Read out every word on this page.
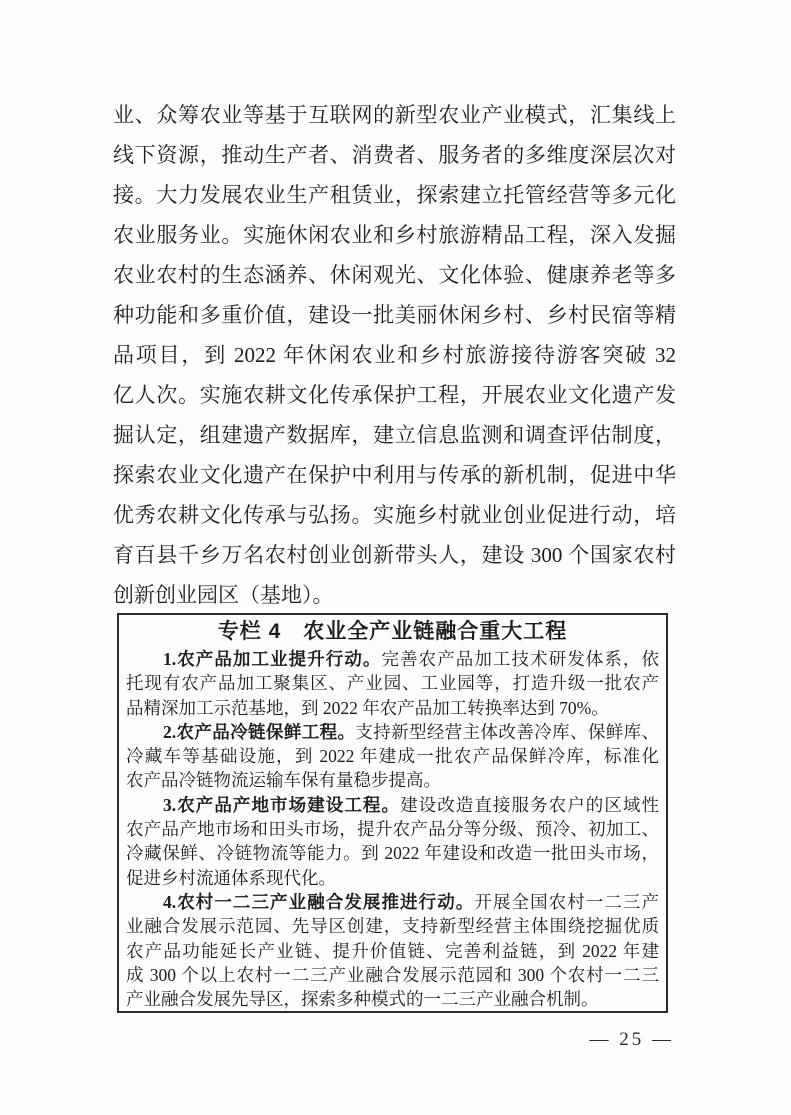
业、众筹农业等基于互联网的新型农业产业模式，汇集线上
线下资源，推动生产者、消费者、服务者的多维度深层次对
接。大力发展农业生产租赁业，探索建立托管经营等多元化
农业服务业。实施休闲农业和乡村旅游精品工程，深入发掘
农业农村的生态涵养、休闲观光、文化体验、健康养老等多
种功能和多重价值，建设一批美丽休闲乡村、乡村民宿等精
品项目，到 2022 年休闲农业和乡村旅游接待游客突破 32
亿人次。实施农耕文化传承保护工程，开展农业文化遗产发
掘认定，组建遗产数据库，建立信息监测和调查评估制度，
探索农业文化遗产在保护中利用与传承的新机制，促进中华
优秀农耕文化传承与弘扬。实施乡村就业创业促进行动，培
育百县千乡万名农村创业创新带头人，建设 300 个国家农村
创新创业园区（基地）。
专栏 4 农业全产业链融合重大工程
1.农产品加工业提升行动。完善农产品加工技术研发体系，依
托现有农产品加工聚集区、产业园、工业园等，打造升级一批农产
品精深加工示范基地，到 2022 年农产品加工转换率达到 70%。
2.农产品冷链保鲜工程。支持新型经营主体改善冷库、保鲜库、
冷藏车等基础设施，到 2022 年建成一批农产品保鲜冷库，标准化
农产品冷链物流运输车保有量稳步提高。
3.农产品产地市场建设工程。建设改造直接服务农户的区域性
农产品产地市场和田头市场，提升农产品分等分级、预冷、初加工、
冷藏保鲜、冷链物流等能力。到 2022 年建设和改造一批田头市场，
促进乡村流通体系现代化。
4.农村一二三产业融合发展推进行动。开展全国农村一二三产
业融合发展示范园、先导区创建，支持新型经营主体围绕挖掘优质
农产品功能延长产业链、提升价值链、完善利益链，到 2022 年建
成 300 个以上农村一二三产业融合发展示范园和 300 个农村一二三
产业融合发展先导区，探索多种模式的一二三产业融合机制。
— 25 —
